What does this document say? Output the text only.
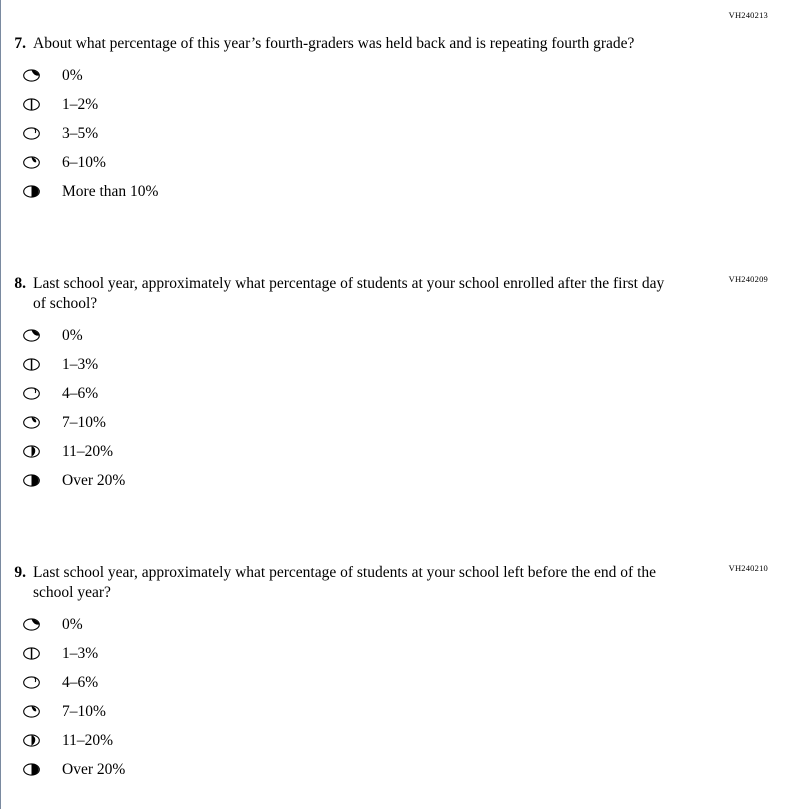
VH240213
7. About what percentage of this year’s fourth-graders was held back and is repeating fourth grade?
0%
1–2%
3–5%
6–10%
More than 10%
VH240209
8. Last school year, approximately what percentage of students at your school enrolled after the first day of school?
0%
1–3%
4–6%
7–10%
11–20%
Over 20%
VH240210
9. Last school year, approximately what percentage of students at your school left before the end of the school year?
0%
1–3%
4–6%
7–10%
11–20%
Over 20%
